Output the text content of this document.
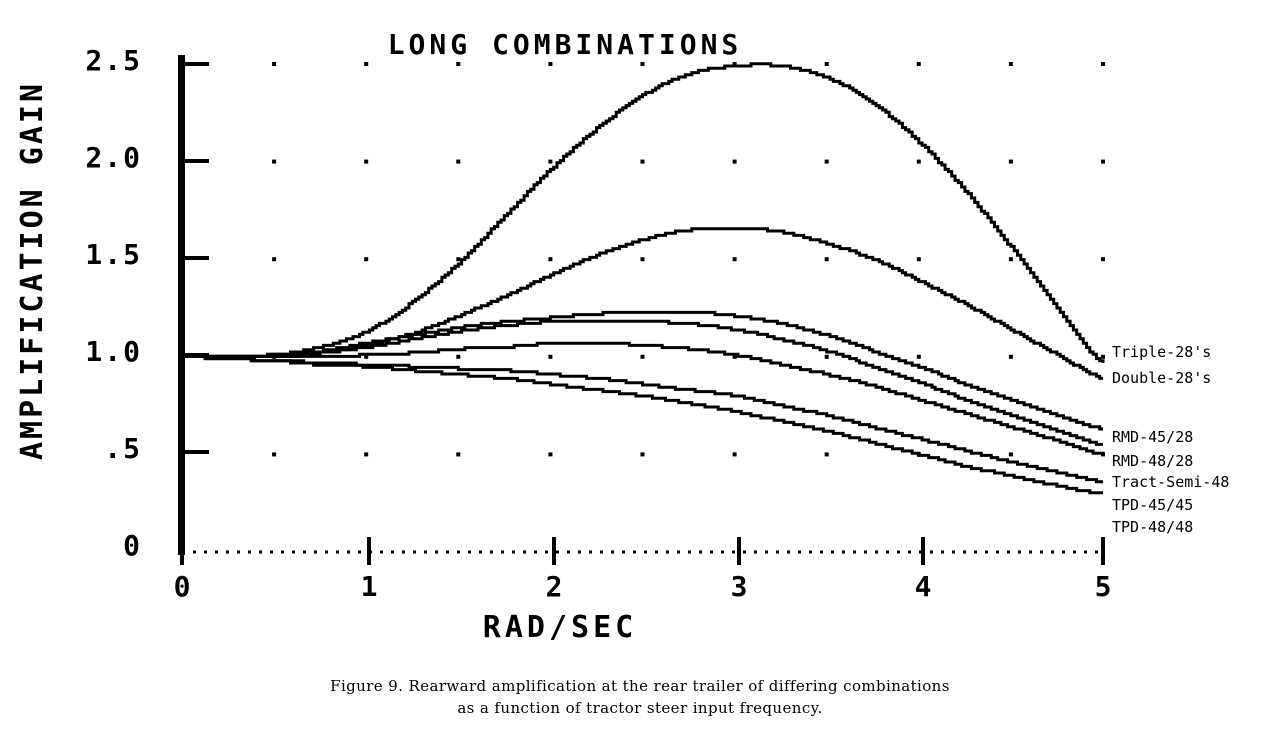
LONG COMBINATIONS
AMPLIFICATION GAIN
RAD/SEC
2.5
2.0
1.5
1.0
.5
0
0	1	2	3	4	5
Triple-28's
Double-28's
RMD-45/28
RMD-48/28
Tract-Semi-48
TPD-45/45
TPD-48/48
Figure 9. Rearward amplification at the rear trailer of differing combinations
as a function of tractor steer input frequency.
